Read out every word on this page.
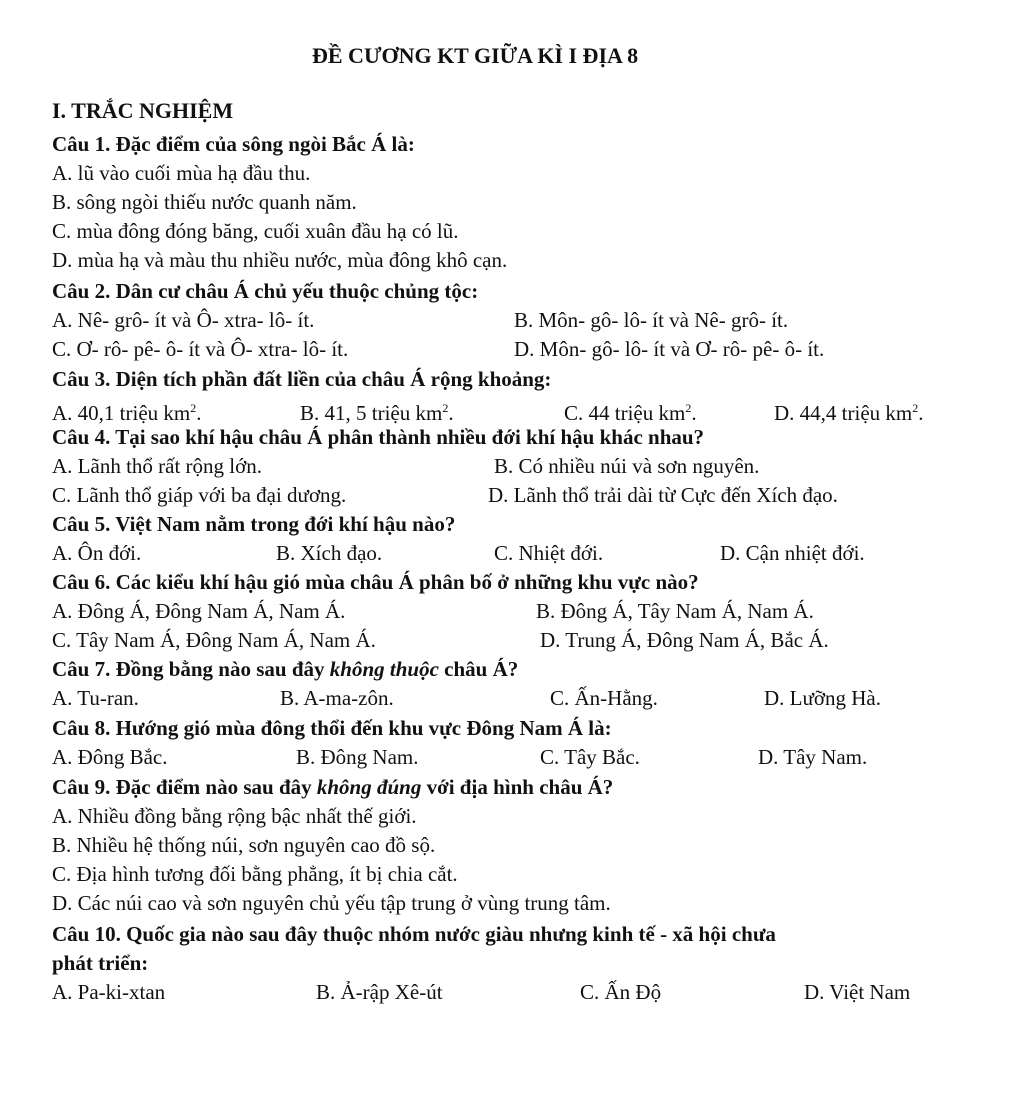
ĐỀ CƯƠNG KT GIỮA KÌ I ĐỊA 8
I. TRẮC NGHIỆM
Câu 1. Đặc điểm của sông ngòi Bắc Á là:
A. lũ vào cuối mùa hạ đầu thu.
B. sông ngòi thiếu nước quanh năm.
C. mùa đông đóng băng, cuối xuân đầu hạ có lũ.
D. mùa hạ và màu thu nhiều nước, mùa đông khô cạn.
Câu 2. Dân cư châu Á chủ yếu thuộc chủng tộc:
A. Nê- grô- ít và Ô- xtra- lô- ít.	B. Môn- gô- lô- ít và Nê- grô- ít.
C. Ơ- rô- pê- ô- ít và Ô- xtra- lô- ít.	D. Môn- gô- lô- ít và Ơ- rô- pê- ô- ít.
Câu 3. Diện tích phần đất liền của châu Á rộng khoảng:
A. 40,1 triệu $km^2$.	B. 41, 5 triệu $km^2$.	C. 44 triệu $km^2$.	D. 44,4 triệu $km^2$.
Câu 4. Tại sao khí hậu châu Á phân thành nhiều đới khí hậu khác nhau?
A. Lãnh thổ rất rộng lớn.	B. Có nhiều núi và sơn nguyên.
C. Lãnh thổ giáp với ba đại dương.	D. Lãnh thổ trải dài từ Cực đến Xích đạo.
Câu 5. Việt Nam nằm trong đới khí hậu nào?
A. Ôn đới.	B. Xích đạo.	C. Nhiệt đới.	D. Cận nhiệt đới.
Câu 6. Các kiểu khí hậu gió mùa châu Á phân bố ở những khu vực nào?
A. Đông Á, Đông Nam Á, Nam Á.	B. Đông Á, Tây Nam Á, Nam Á.
C. Tây Nam Á, Đông Nam Á, Nam Á.	D. Trung Á, Đông Nam Á, Bắc Á.
Câu 7. Đồng bằng nào sau đây không thuộc châu Á?
A. Tu-ran.	B. A-ma-zôn.	C. Ấn-Hằng.	D. Lưỡng Hà.
Câu 8. Hướng gió mùa đông thổi đến khu vực Đông Nam Á là:
A. Đông Bắc.	B. Đông Nam.	C. Tây Bắc.	D. Tây Nam.
Câu 9. Đặc điểm nào sau đây không đúng với địa hình châu Á?
A. Nhiều đồng bằng rộng bậc nhất thế giới.
B. Nhiều hệ thống núi, sơn nguyên cao đồ sộ.
C. Địa hình tương đối bằng phẳng, ít bị chia cắt.
D. Các núi cao và sơn nguyên chủ yếu tập trung ở vùng trung tâm.
Câu 10. Quốc gia nào sau đây thuộc nhóm nước giàu nhưng kinh tế - xã hội chưa
phát triển:
A. Pa-ki-xtan	B. Ả-rập Xê-út	C. Ấn Độ	D. Việt Nam
